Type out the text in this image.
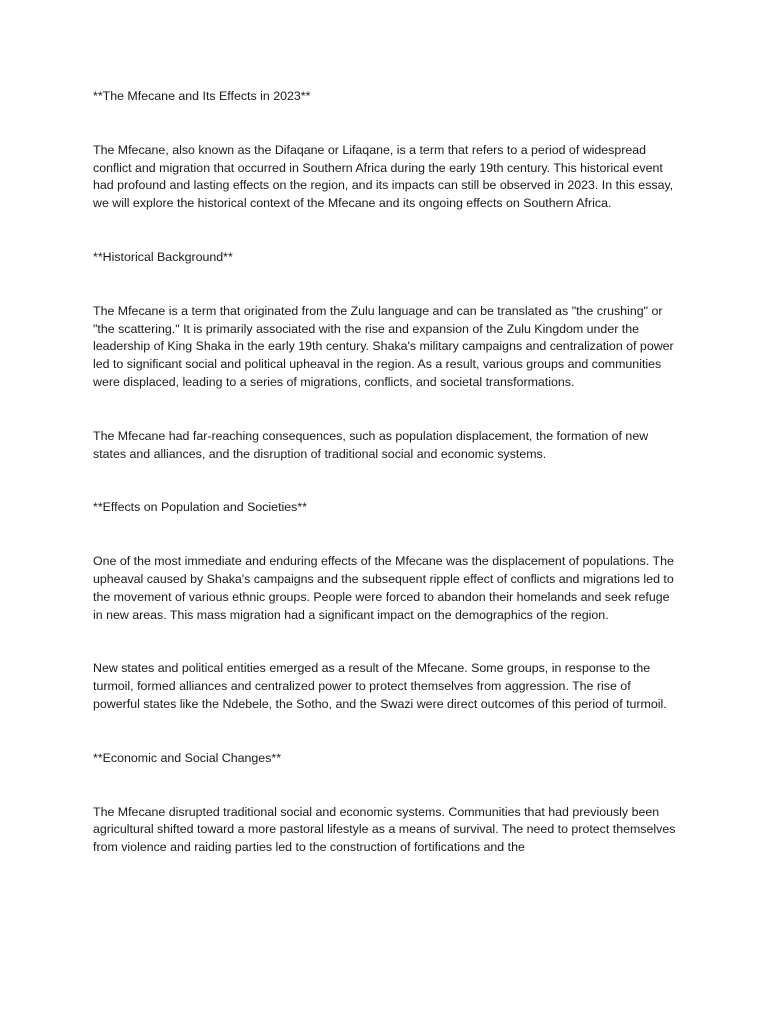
**The Mfecane and Its Effects in 2023**

The Mfecane, also known as the Difaqane or Lifaqane, is a term that refers to a period of widespread conflict and migration that occurred in Southern Africa during the early 19th century. This historical event had profound and lasting effects on the region, and its impacts can still be observed in 2023. In this essay, we will explore the historical context of the Mfecane and its ongoing effects on Southern Africa.

**Historical Background**

The Mfecane is a term that originated from the Zulu language and can be translated as "the crushing" or "the scattering." It is primarily associated with the rise and expansion of the Zulu Kingdom under the leadership of King Shaka in the early 19th century. Shaka's military campaigns and centralization of power led to significant social and political upheaval in the region. As a result, various groups and communities were displaced, leading to a series of migrations, conflicts, and societal transformations.

The Mfecane had far-reaching consequences, such as population displacement, the formation of new states and alliances, and the disruption of traditional social and economic systems.

**Effects on Population and Societies**

One of the most immediate and enduring effects of the Mfecane was the displacement of populations. The upheaval caused by Shaka's campaigns and the subsequent ripple effect of conflicts and migrations led to the movement of various ethnic groups. People were forced to abandon their homelands and seek refuge in new areas. This mass migration had a significant impact on the demographics of the region.

New states and political entities emerged as a result of the Mfecane. Some groups, in response to the turmoil, formed alliances and centralized power to protect themselves from aggression. The rise of powerful states like the Ndebele, the Sotho, and the Swazi were direct outcomes of this period of turmoil.

**Economic and Social Changes**

The Mfecane disrupted traditional social and economic systems. Communities that had previously been agricultural shifted toward a more pastoral lifestyle as a means of survival. The need to protect themselves from violence and raiding parties led to the construction of fortifications and the
